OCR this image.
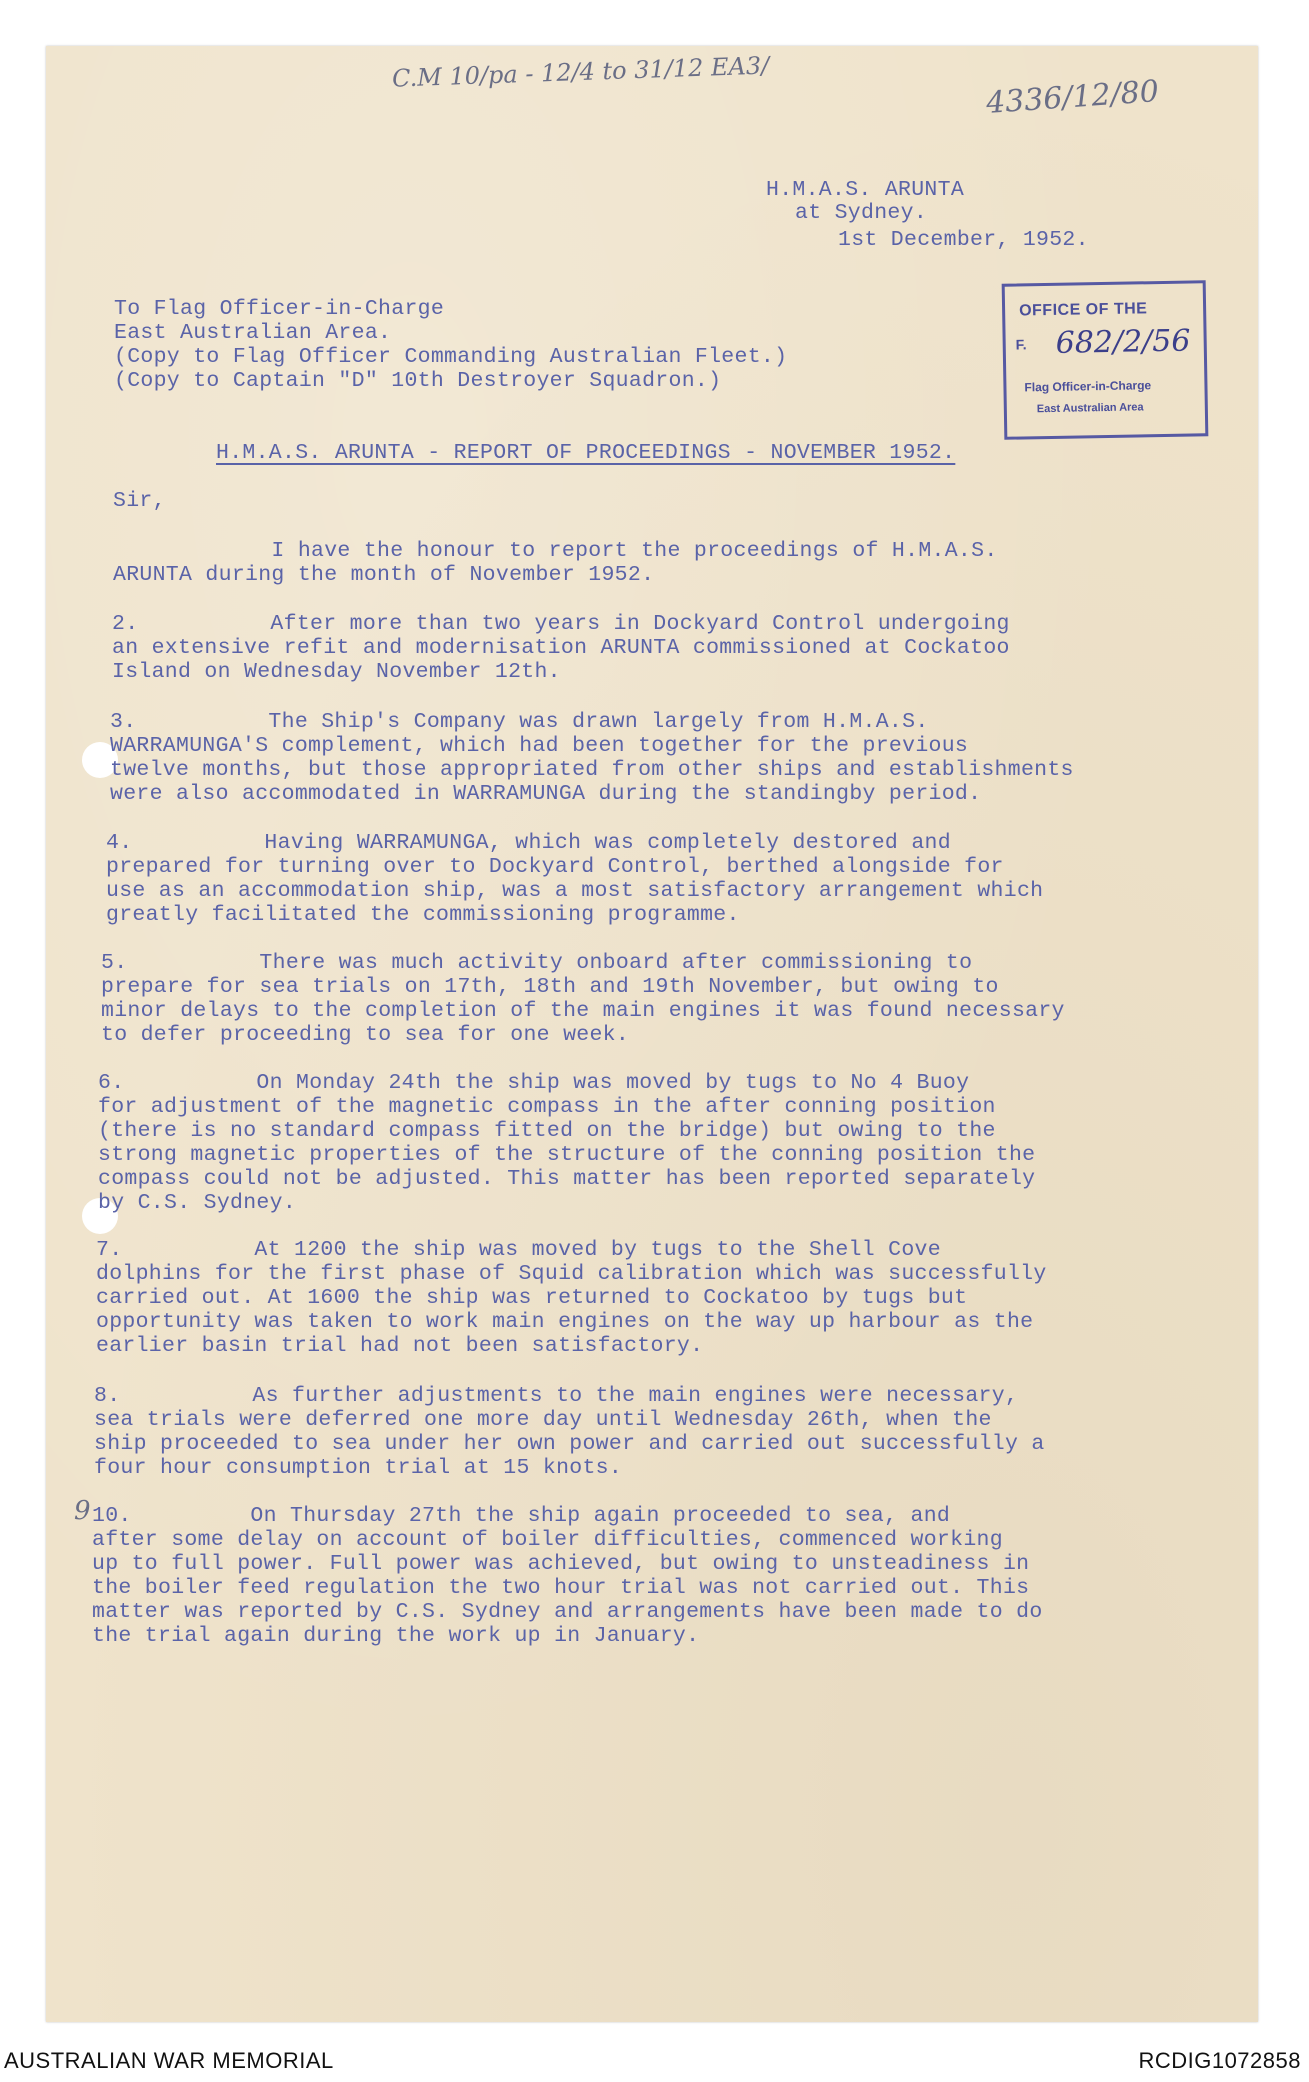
C.M 10/pa - 12/4 to 31/12 EA3/
4336/12/80
H.M.A.S. ARUNTA
at Sydney.
1st December, 1952.
OFFICE OF THE
F. 682/2/56
Flag Officer-in-Charge
East Australian Area
To Flag Officer-in-Charge
East Australian Area.
(Copy to Flag Officer Commanding Australian Fleet.)
(Copy to Captain "D" 10th Destroyer Squadron.)
H.M.A.S. ARUNTA - REPORT OF PROCEEDINGS - NOVEMBER 1952.
Sir,
I have the honour to report the proceedings of H.M.A.S.
ARUNTA during the month of November 1952.
2.          After more than two years in Dockyard Control undergoing
an extensive refit and modernisation ARUNTA commissioned at Cockatoo
Island on Wednesday November 12th.
3.          The Ship's Company was drawn largely from H.M.A.S.
WARRAMUNGA'S complement, which had been together for the previous
twelve months, but those appropriated from other ships and establishments
were also accommodated in WARRAMUNGA during the standingby period.
4.          Having WARRAMUNGA, which was completely destored and
prepared for turning over to Dockyard Control, berthed alongside for
use as an accommodation ship, was a most satisfactory arrangement which
greatly facilitated the commissioning programme.
5.          There was much activity onboard after commissioning to
prepare for sea trials on 17th, 18th and 19th November, but owing to
minor delays to the completion of the main engines it was found necessary
to defer proceeding to sea for one week.
6.          On Monday 24th the ship was moved by tugs to No 4 Buoy
for adjustment of the magnetic compass in the after conning position
(there is no standard compass fitted on the bridge) but owing to the
strong magnetic properties of the structure of the conning position the
compass could not be adjusted. This matter has been reported separately
by C.S. Sydney.
7.          At 1200 the ship was moved by tugs to the Shell Cove
dolphins for the first phase of Squid calibration which was successfully
carried out. At 1600 the ship was returned to Cockatoo by tugs but
opportunity was taken to work main engines on the way up harbour as the
earlier basin trial had not been satisfactory.
8.          As further adjustments to the main engines were necessary,
sea trials were deferred one more day until Wednesday 26th, when the
ship proceeded to sea under her own power and carried out successfully a
four hour consumption trial at 15 knots.
9 10.         On Thursday 27th the ship again proceeded to sea, and
after some delay on account of boiler difficulties, commenced working
up to full power. Full power was achieved, but owing to unsteadiness in
the boiler feed regulation the two hour trial was not carried out. This
matter was reported by C.S. Sydney and arrangements have been made to do
the trial again during the work up in January.
AUSTRALIAN WAR MEMORIAL	RCDIG1072858
